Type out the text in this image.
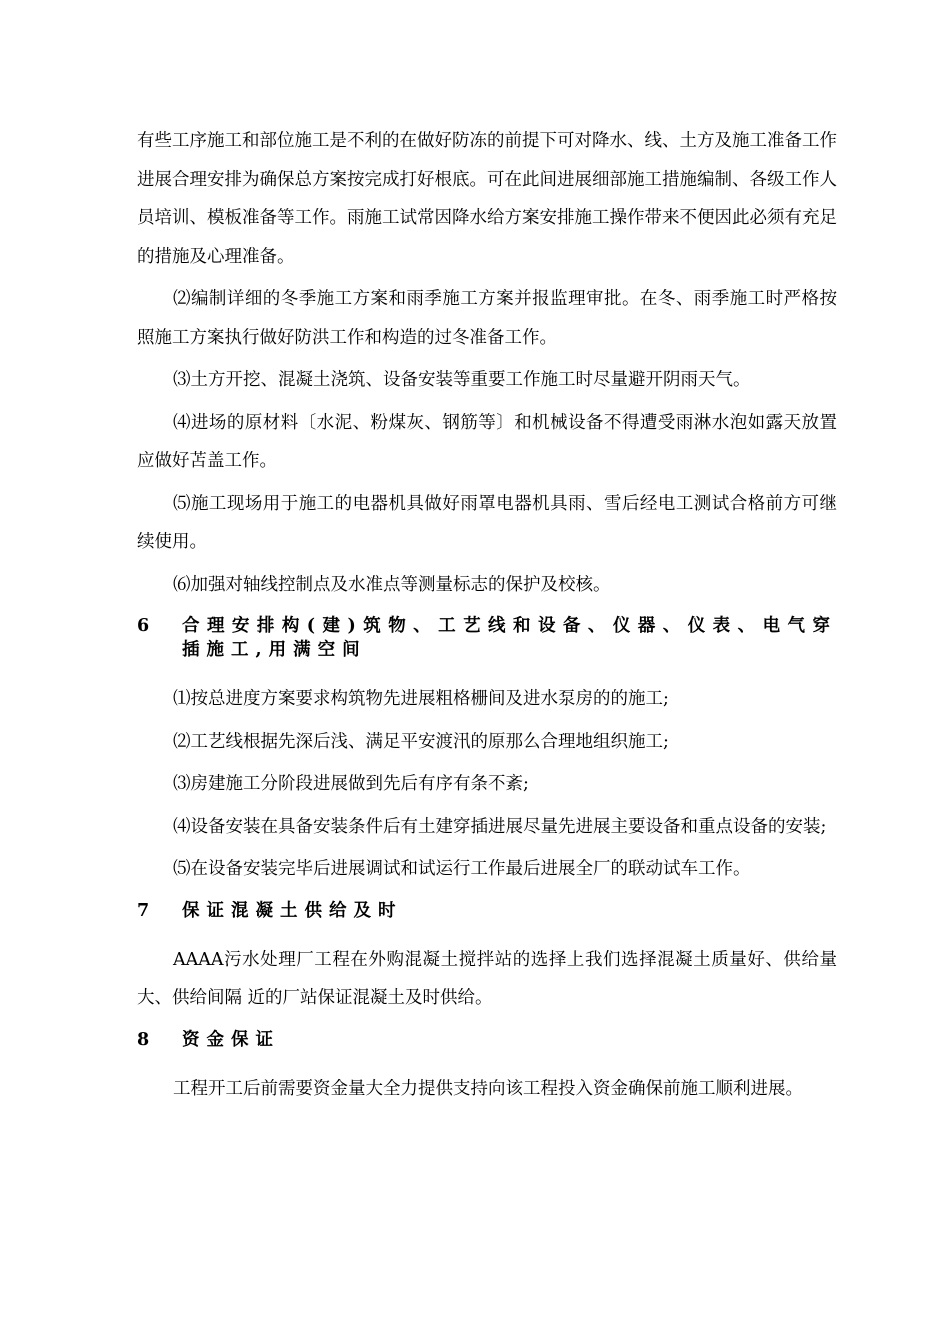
有些工序施工和部位施工是不利的在做好防冻的前提下可对降水、线、土方及施工准备工作进展合理安排为确保总方案按完成打好根底。可在此间进展细部施工措施编制、各级工作人员培训、模板准备等工作。雨施工试常因降水给方案安排施工操作带来不便因此必须有充足的措施及心理准备。

⑵编制详细的冬季施工方案和雨季施工方案并报监理审批。在冬、雨季施工时严格按照施工方案执行做好防洪工作和构造的过冬准备工作。

⑶土方开挖、混凝土浇筑、设备安装等重要工作施工时尽量避开阴雨天气。

⑷进场的原材料〔水泥、粉煤灰、钢筋等〕和机械设备不得遭受雨淋水泡如露天放置应做好苫盖工作。

⑸施工现场用于施工的电器机具做好雨罩电器机具雨、雪后经电工测试合格前方可继续使用。

⑹加强对轴线控制点及水准点等测量标志的保护及校核。

6	合理安排构(建)筑物、工艺线和设备、仪器、仪表、电气穿插施工,用满空间

⑴按总进度方案要求构筑物先进展粗格栅间及进水泵房的的施工;

⑵工艺线根据先深后浅、满足平安渡汛的原那么合理地组织施工;

⑶房建施工分阶段进展做到先后有序有条不紊;

⑷设备安装在具备安装条件后有土建穿插进展尽量先进展主要设备和重点设备的安装;

⑸在设备安装完毕后进展调试和试运行工作最后进展全厂的联动试车工作。

7	保证混凝土供给及时

AAAA污水处理厂工程在外购混凝土搅拌站的选择上我们选择混凝土质量好、供给量大、供给间隔 近的厂站保证混凝土及时供给。

8	资金保证

工程开工后前需要资金量大全力提供支持向该工程投入资金确保前施工顺利进展。
